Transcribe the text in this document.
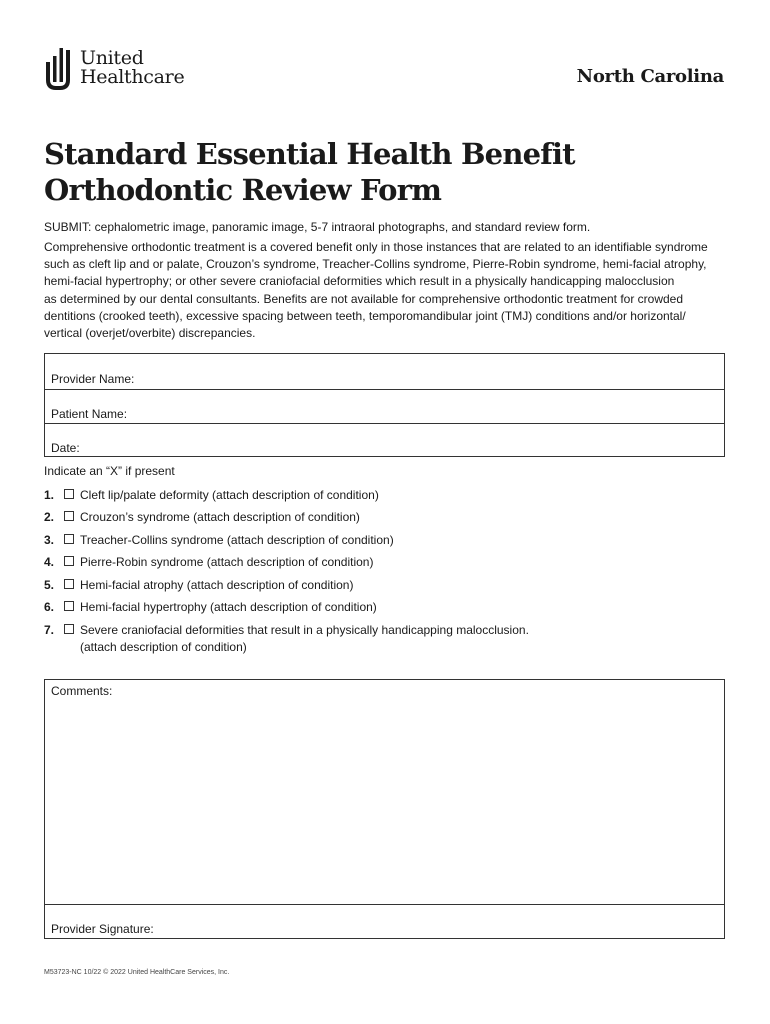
United
Healthcare	North Carolina
Standard Essential Health Benefit
Orthodontic Review Form
SUBMIT: cephalometric image, panoramic image, 5-7 intraoral photographs, and standard review form.
Comprehensive orthodontic treatment is a covered benefit only in those instances that are related to an identifiable syndrome
such as cleft lip and or palate, Crouzon’s syndrome, Treacher-Collins syndrome, Pierre-Robin syndrome, hemi-facial atrophy,
hemi-facial hypertrophy; or other severe craniofacial deformities which result in a physically handicapping malocclusion
as determined by our dental consultants. Benefits are not available for comprehensive orthodontic treatment for crowded
dentitions (crooked teeth), excessive spacing between teeth, temporomandibular joint (TMJ) conditions and/or horizontal/
vertical (overjet/overbite) discrepancies.
Provider Name:
Patient Name:
Date:
Indicate an “X” if present
1.	Cleft lip/palate deformity (attach description of condition)
2.	Crouzon’s syndrome (attach description of condition)
3.	Treacher-Collins syndrome (attach description of condition)
4.	Pierre-Robin syndrome (attach description of condition)
5.	Hemi-facial atrophy (attach description of condition)
6.	Hemi-facial hypertrophy (attach description of condition)
7.	Severe craniofacial deformities that result in a physically handicapping malocclusion.
(attach description of condition)
Comments:
Provider Signature:
M53723-NC 10/22 © 2022 United HealthCare Services, Inc.
